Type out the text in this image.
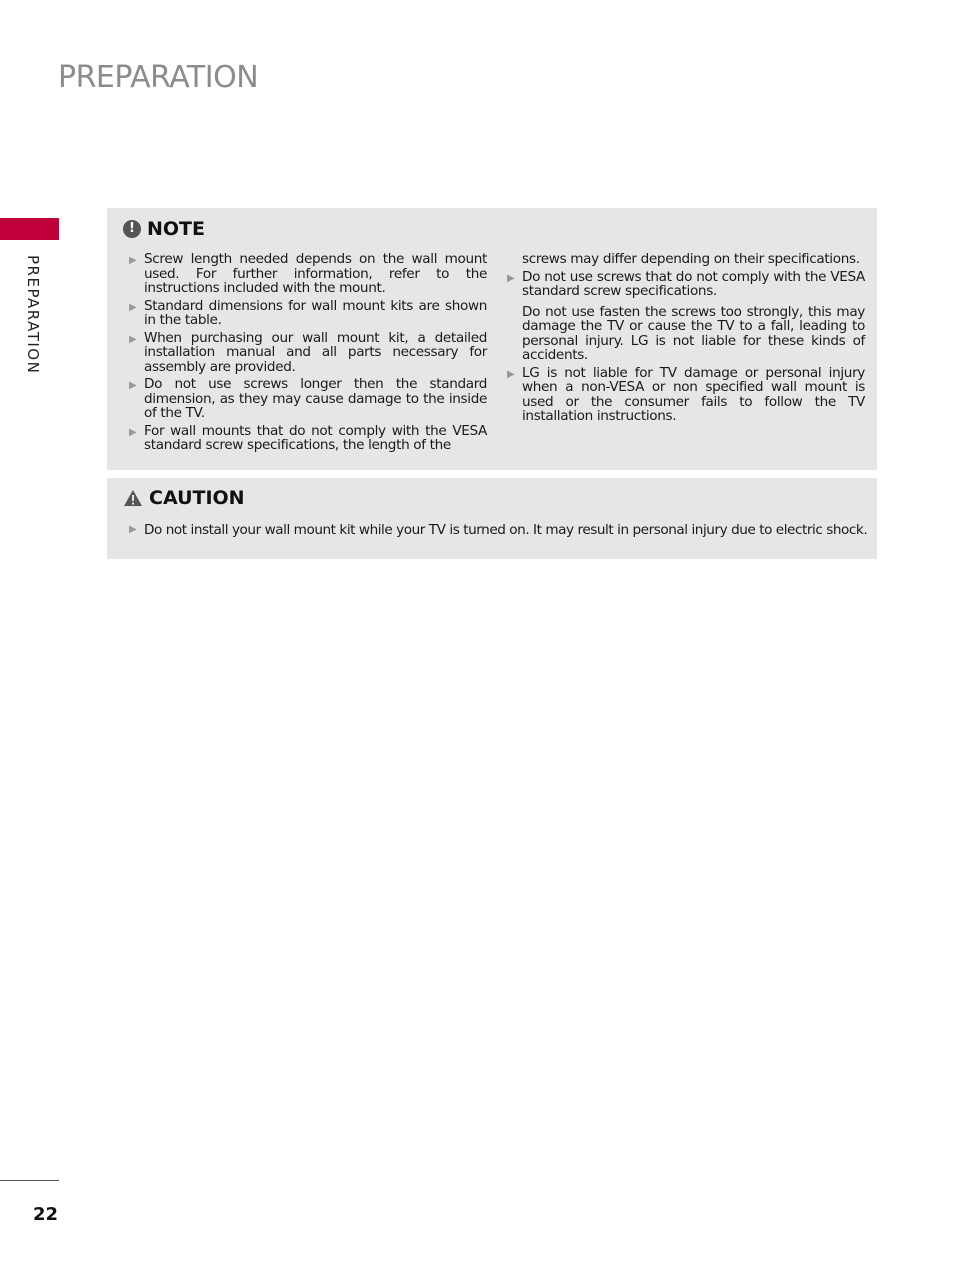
PREPARATION
PREPARATION
! NOTE
▶ Screw length needed depends on the wall mount used. For further information, refer to the instructions included with the mount.
▶ Standard dimensions for wall mount kits are shown in the table.
▶ When purchasing our wall mount kit, a detailed installation manual and all parts necessary for assembly are provided.
▶ Do not use screws longer then the standard dimension, as they may cause damage to the inside of the TV.
▶ For wall mounts that do not comply with the VESA standard screw specifications, the length of the
screws may differ depending on their specifications.
▶ Do not use screws that do not comply with the VESA standard screw specifications.
Do not use fasten the screws too strongly, this may damage the TV or cause the TV to a fall, leading to personal injury. LG is not liable for these kinds of accidents.
▶ LG is not liable for TV damage or personal injury when a non-VESA or non specified wall mount is used or the consumer fails to follow the TV installation instructions.
CAUTION
▶ Do not install your wall mount kit while your TV is turned on. It may result in personal injury due to electric shock.
22
